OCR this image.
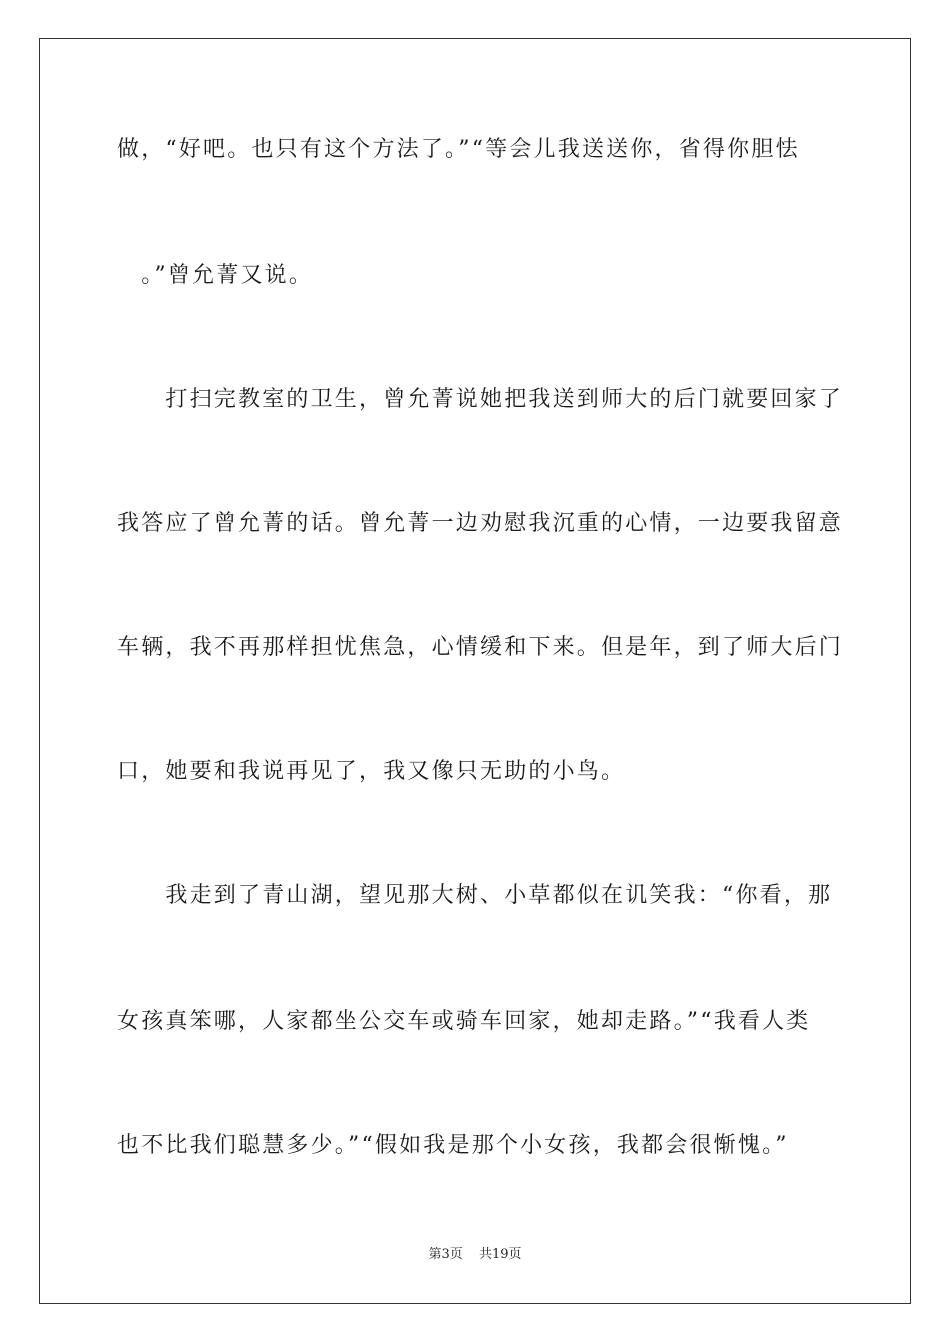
做，“好吧。也只有这个方法了。”“等会儿我送送你，省得你胆怯
　。”曾允菁又说。
　　打扫完教室的卫生，曾允菁说她把我送到师大的后门就要回家了
我答应了曾允菁的话。曾允菁一边劝慰我沉重的心情，一边要我留意
车辆，我不再那样担忧焦急，心情缓和下来。但是年，到了师大后门
口，她要和我说再见了，我又像只无助的小鸟。
　　我走到了青山湖，望见那大树、小草都似在讥笑我：“你看，那
女孩真笨哪，人家都坐公交车或骑车回家，她却走路。”“我看人类
也不比我们聪慧多少。”“假如我是那个小女孩，我都会很惭愧。”
第3页 共19页
